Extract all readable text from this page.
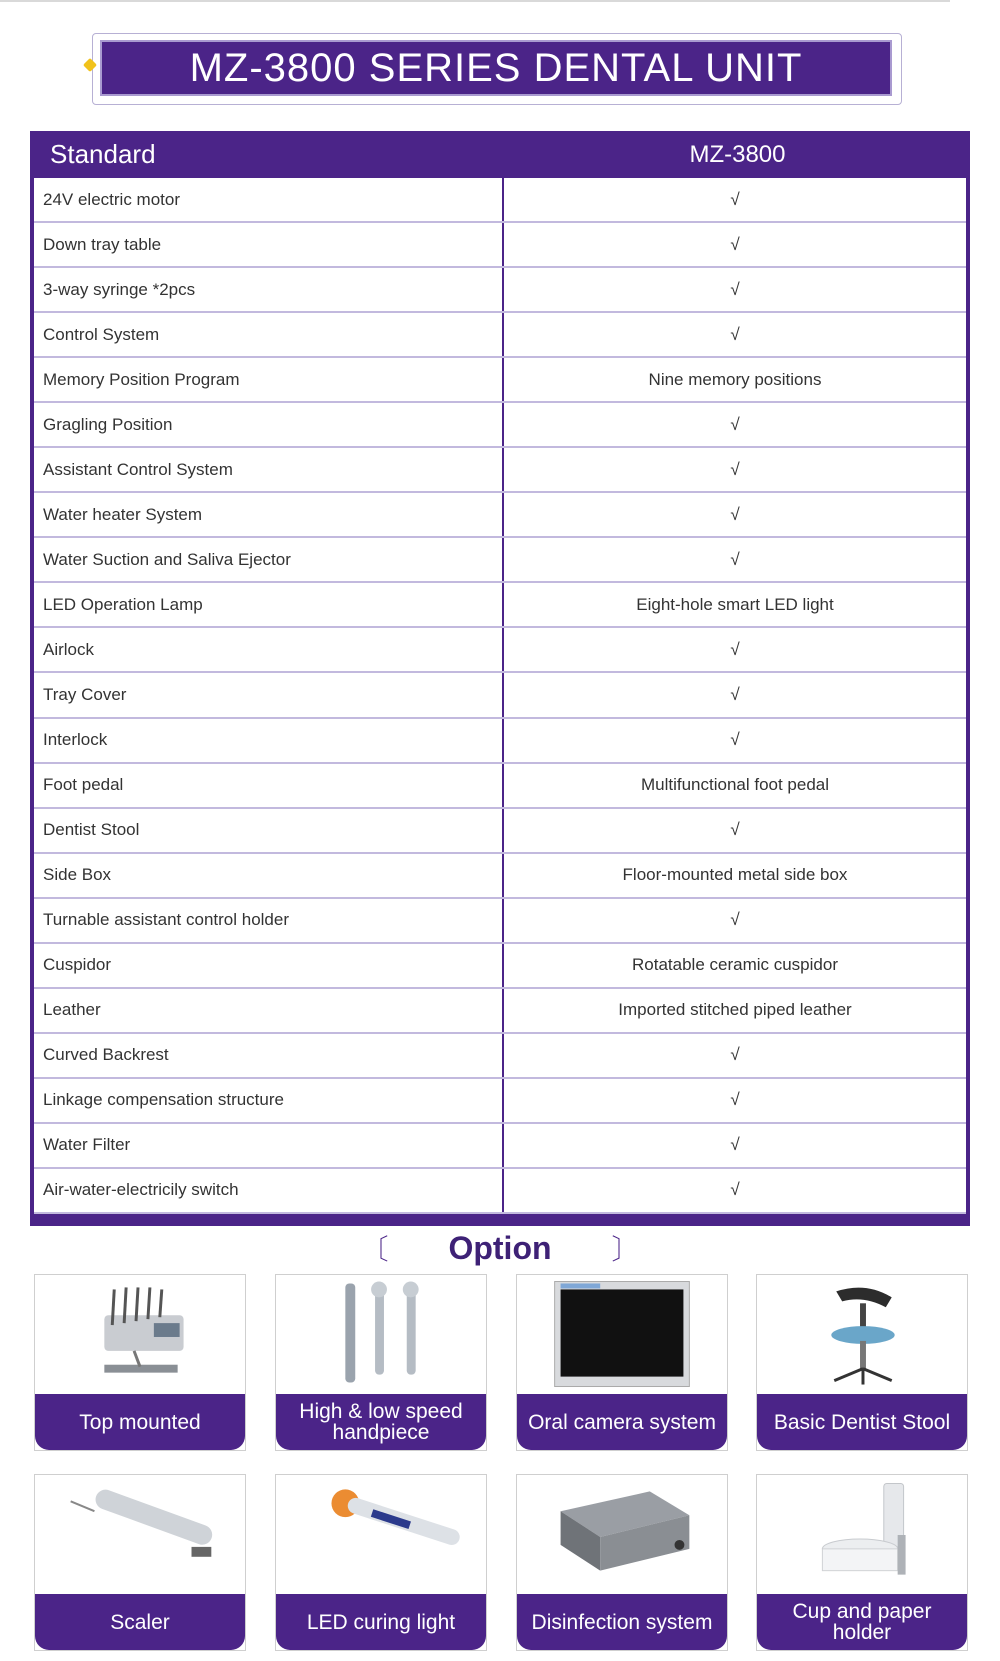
MZ-3800 SERIES DENTAL UNIT
Standard	MZ-3800
24V electric motor	√
Down tray table	√
3-way syringe *2pcs	√
Control System	√
Memory Position Program	Nine memory positions
Gragling Position	√
Assistant Control System	√
Water heater System	√
Water Suction and Saliva Ejector	√
LED Operation Lamp	Eight-hole smart LED light
Airlock	√
Tray Cover	√
Interlock	√
Foot pedal	Multifunctional foot pedal
Dentist Stool	√
Side Box	Floor-mounted metal side box
Turnable assistant control holder	√
Cuspidor	Rotatable ceramic cuspidor
Leather	Imported stitched piped leather
Curved Backrest	√
Linkage compensation structure	√
Water Filter	√
Air-water-electricily switch	√
〔 Option 〕
Top mounted	High & low speed handpiece	Oral camera system	Basic Dentist Stool
Scaler	LED curing light	Disinfection system	Cup and paper holder
